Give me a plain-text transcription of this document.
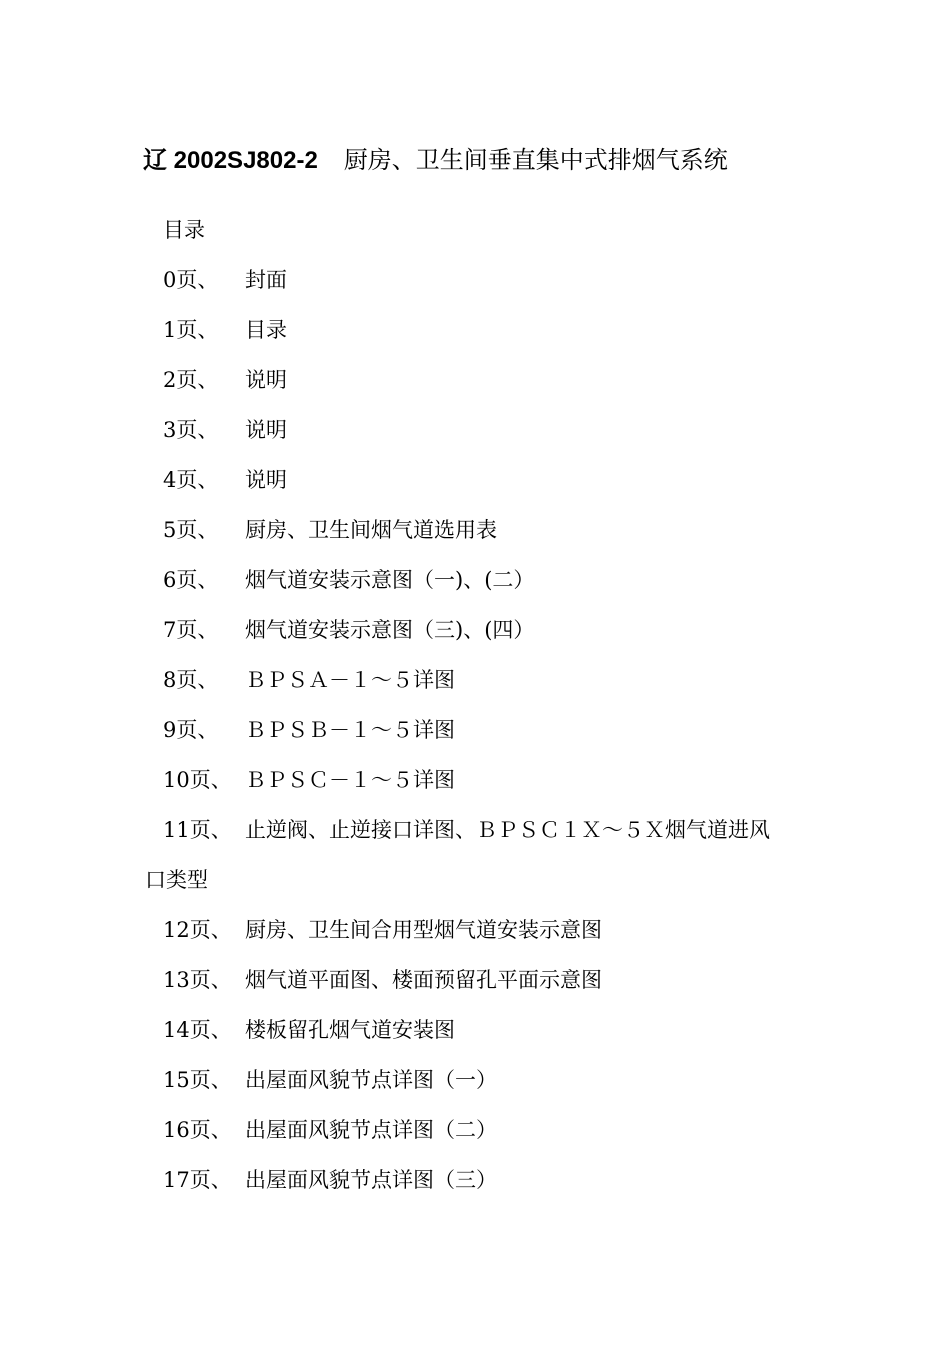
辽 2002SJ802-2 厨房、卫生间垂直集中式排烟气系统
目录
0页、 封面
1页、 目录
2页、 说明
3页、 说明
4页、 说明
5页、 厨房、卫生间烟气道选用表
6页、 烟气道安装示意图（一)、(二）
7页、 烟气道安装示意图（三)、(四）
8页、 ＢＰＳＡ－１～５详图
9页、 ＢＰＳＢ－１～５详图
10页、 ＢＰＳＣ－１～５详图
11页、 止逆阀、止逆接口详图、ＢＰＳＣ１Ｘ～５Ｘ烟气道进风
口类型
12页、 厨房、卫生间合用型烟气道安装示意图
13页、 烟气道平面图、楼面预留孔平面示意图
14页、 楼板留孔烟气道安装图
15页、 出屋面风貌节点详图（一）
16页、 出屋面风貌节点详图（二）
17页、 出屋面风貌节点详图（三）
